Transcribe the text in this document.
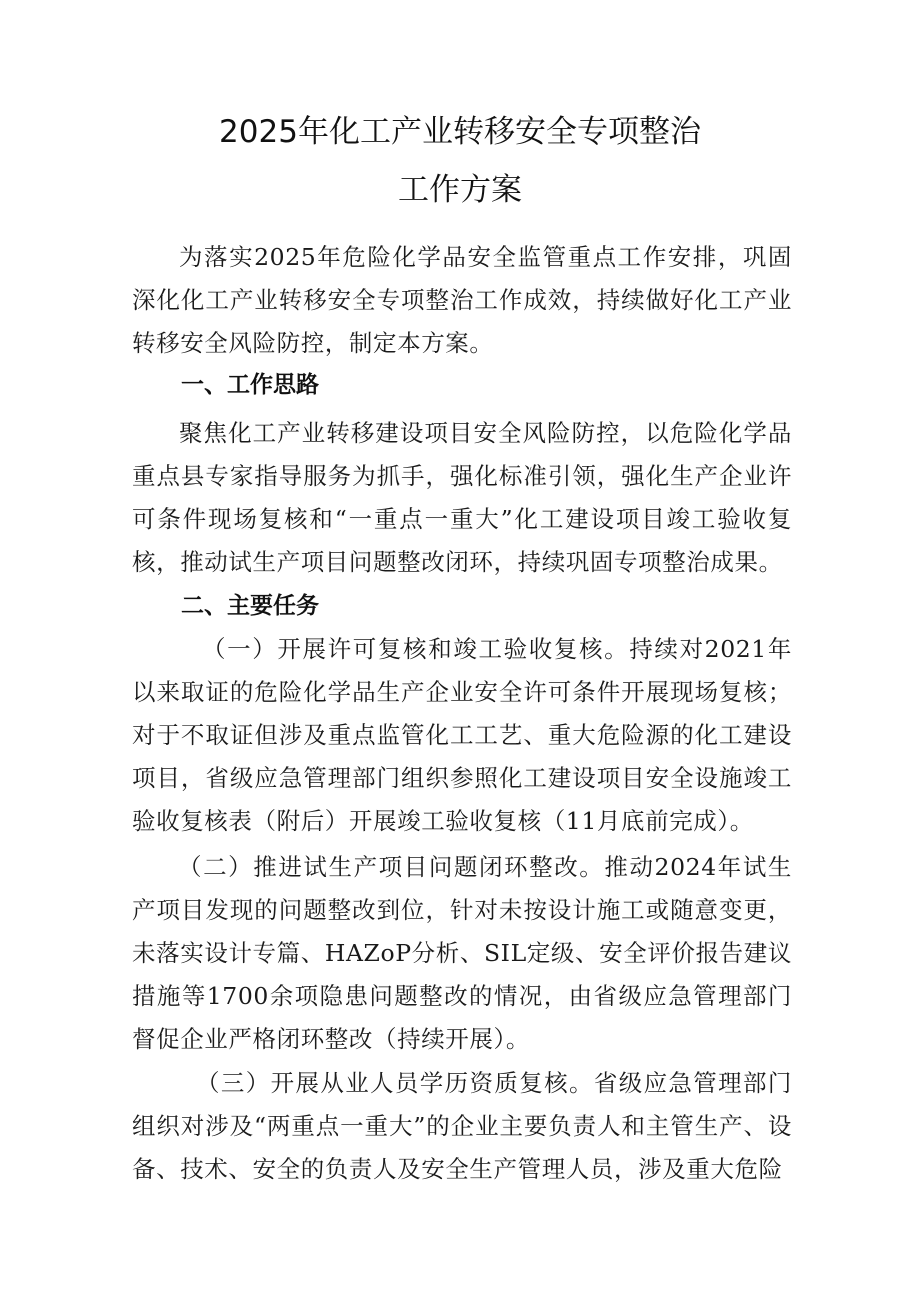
2025年化工产业转移安全专项整治
工作方案

为落实2025年危险化学品安全监管重点工作安排，巩固深化化工产业转移安全专项整治工作成效，持续做好化工产业转移安全风险防控，制定本方案。

一、工作思路

聚焦化工产业转移建设项目安全风险防控，以危险化学品重点县专家指导服务为抓手，强化标准引领，强化生产企业许可条件现场复核和“一重点一重大”化工建设项目竣工验收复核，推动试生产项目问题整改闭环，持续巩固专项整治成果。

二、主要任务

（一）开展许可复核和竣工验收复核。持续对2021年以来取证的危险化学品生产企业安全许可条件开展现场复核；对于不取证但涉及重点监管化工工艺、重大危险源的化工建设项目，省级应急管理部门组织参照化工建设项目安全设施竣工验收复核表（附后）开展竣工验收复核（11月底前完成）。

（二）推进试生产项目问题闭环整改。推动2024年试生产项目发现的问题整改到位，针对未按设计施工或随意变更，未落实设计专篇、HAZoP分析、SIL定级、安全评价报告建议措施等1700余项隐患问题整改的情况，由省级应急管理部门督促企业严格闭环整改（持续开展）。

（三）开展从业人员学历资质复核。省级应急管理部门组织对涉及“两重点一重大”的企业主要负责人和主管生产、设备、技术、安全的负责人及安全生产管理人员，涉及重大危险
